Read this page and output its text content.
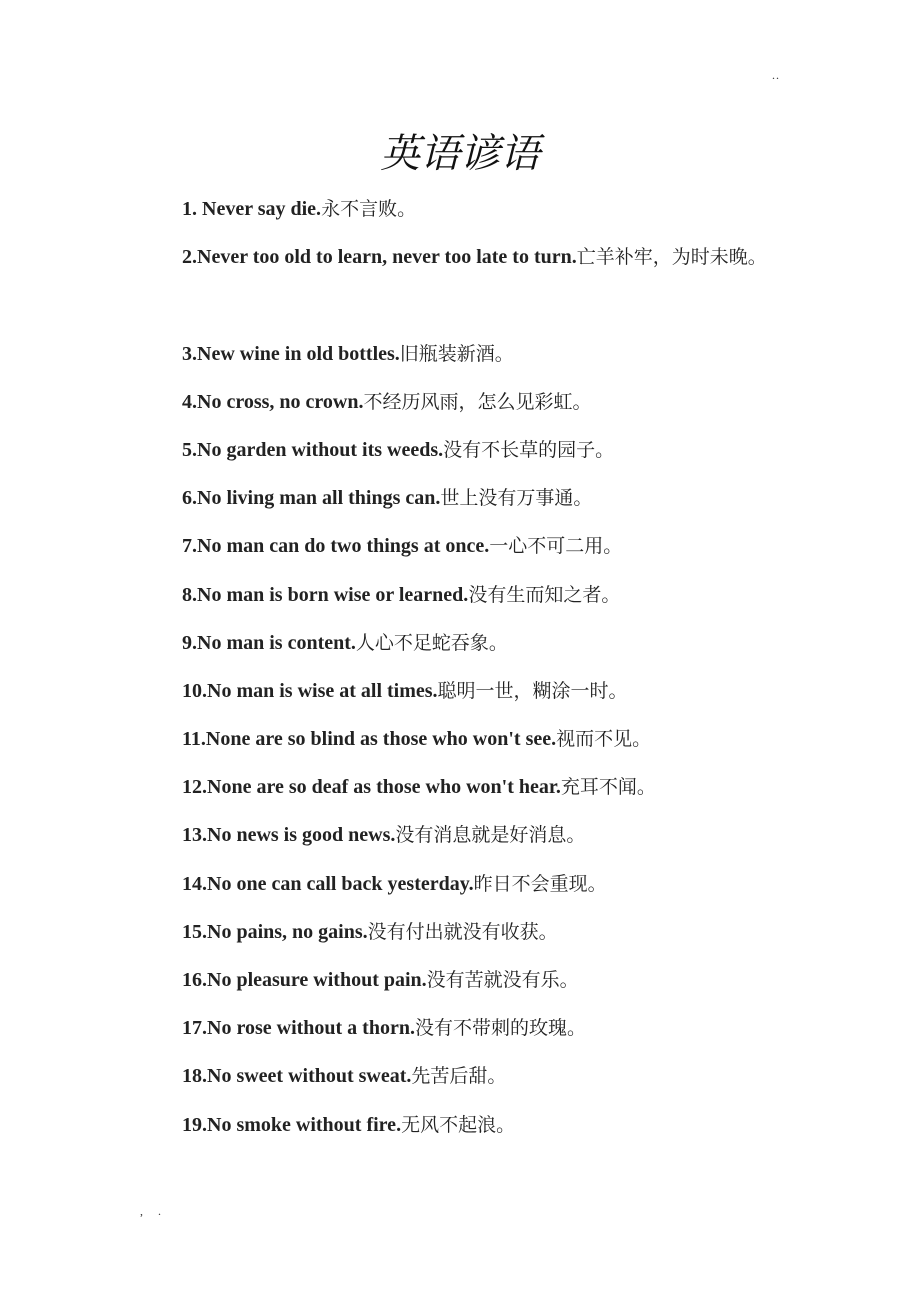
..
英语谚语
1. Never say die.永不言败。
2.Never too old to learn, never too late to turn.亡羊补牢，为时未晚。
3.New wine in old bottles.旧瓶装新酒。
4.No cross, no crown.不经历风雨，怎么见彩虹。
5.No garden without its weeds.没有不长草的园子。
6.No living man all things can.世上没有万事通。
7.No man can do two things at once.一心不可二用。
8.No man is born wise or learned.没有生而知之者。
9.No man is content.人心不足蛇吞象。
10.No man is wise at all times.聪明一世，糊涂一时。
11.None are so blind as those who won't see.视而不见。
12.None are so deaf as those who won't hear.充耳不闻。
13.No news is good news.没有消息就是好消息。
14.No one can call back yesterday.昨日不会重现。
15.No pains, no gains.没有付出就没有收获。
16.No pleasure without pain.没有苦就没有乐。
17.No rose without a thorn.没有不带刺的玫瑰。
18.No sweet without sweat.先苦后甜。
19.No smoke without fire.无风不起浪。
, .
